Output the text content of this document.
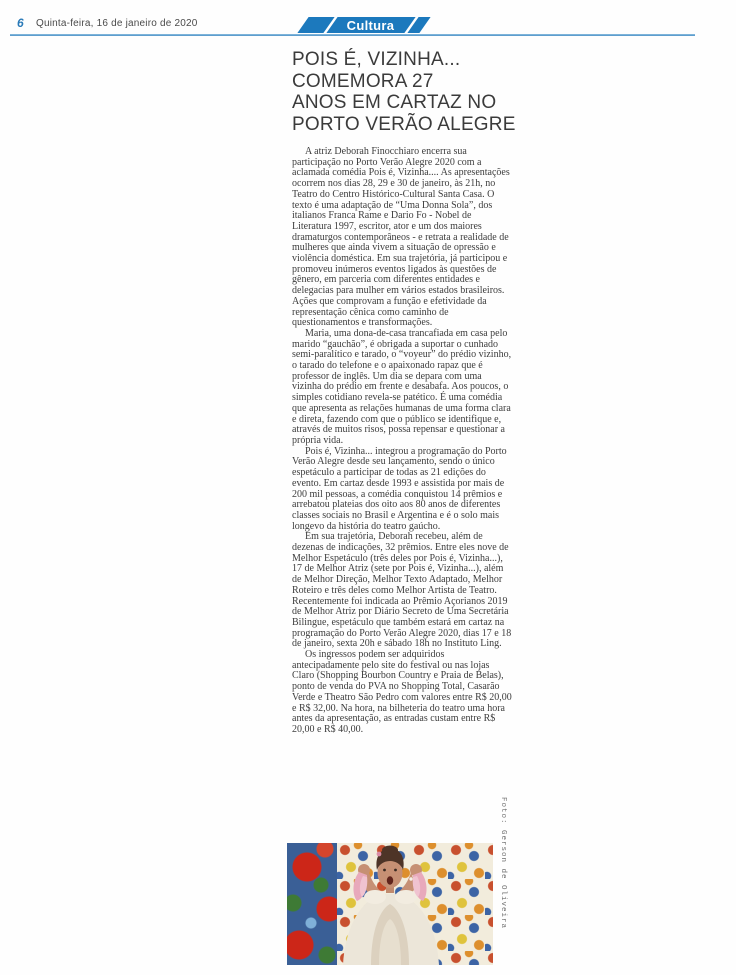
6 Quinta-feira, 16 de janeiro de 2020	Cultura
POIS É, VIZINHA...
COMEMORA 27
ANOS EM CARTAZ NO
PORTO VERÃO ALEGRE

A atriz Deborah Finocchiaro encerra sua participação no Porto Verão Alegre 2020 com a aclamada comédia Pois é, Vizinha.... As apresentações ocorrem nos dias 28, 29 e 30 de janeiro, às 21h, no Teatro do Centro Histórico-Cultural Santa Casa. O texto é uma adaptação de “Uma Donna Sola”, dos italianos Franca Rame e Dario Fo - Nobel de Literatura 1997, escritor, ator e um dos maiores dramaturgos contemporâneos - e retrata a realidade de mulheres que ainda vivem a situação de opressão e violência doméstica. Em sua trajetória, já participou e promoveu inúmeros eventos ligados às questões de gênero, em parceria com diferentes entidades e delegacias para mulher em vários estados brasileiros. Ações que comprovam a função e efetividade da representação cênica como caminho de questionamentos e transformações.

Maria, uma dona-de-casa trancafiada em casa pelo marido “gauchão”, é obrigada a suportar o cunhado semi-paralítico e tarado, o “voyeur” do prédio vizinho, o tarado do telefone e o apaixonado rapaz que é professor de inglês. Um dia se depara com uma vizinha do prédio em frente e desabafa. Aos poucos, o simples cotidiano revela-se patético. É uma comédia que apresenta as relações humanas de uma forma clara e direta, fazendo com que o público se identifique e, através de muitos risos, possa repensar e questionar a própria vida.

Pois é, Vizinha... integrou a programação do Porto Verão Alegre desde seu lançamento, sendo o único espetáculo a participar de todas as 21 edições do evento. Em cartaz desde 1993 e assistida por mais de 200 mil pessoas, a comédia conquistou 14 prêmios e arrebatou plateias dos oito aos 80 anos de diferentes classes sociais no Brasil e Argentina e é o solo mais longevo da história do teatro gaúcho.

Em sua trajetória, Deborah recebeu, além de dezenas de indicações, 32 prêmios. Entre eles nove de Melhor Espetáculo (três deles por Pois é, Vizinha...), 17 de Melhor Atriz (sete por Pois é, Vizinha...), além de Melhor Direção, Melhor Texto Adaptado, Melhor Roteiro e três deles como Melhor Artista de Teatro. Recentemente foi indicada ao Prêmio Açorianos 2019 de Melhor Atriz por Diário Secreto de Uma Secretária Bilingue, espetáculo que também estará em cartaz na programação do Porto Verão Alegre 2020, dias 17 e 18 de janeiro, sexta 20h e sábado 18h no Instituto Ling.

Os ingressos podem ser adquiridos antecipadamente pelo site do festival ou nas lojas Claro (Shopping Bourbon Country e Praia de Belas), ponto de venda do PVA no Shopping Total, Casarão Verde e Theatro São Pedro com valores entre R$ 20,00 e R$ 32,00. Na hora, na bilheteria do teatro uma hora antes da apresentação, as entradas custam entre R$ 20,00 e R$ 40,00.

Foto: Gerson de Oliveira
